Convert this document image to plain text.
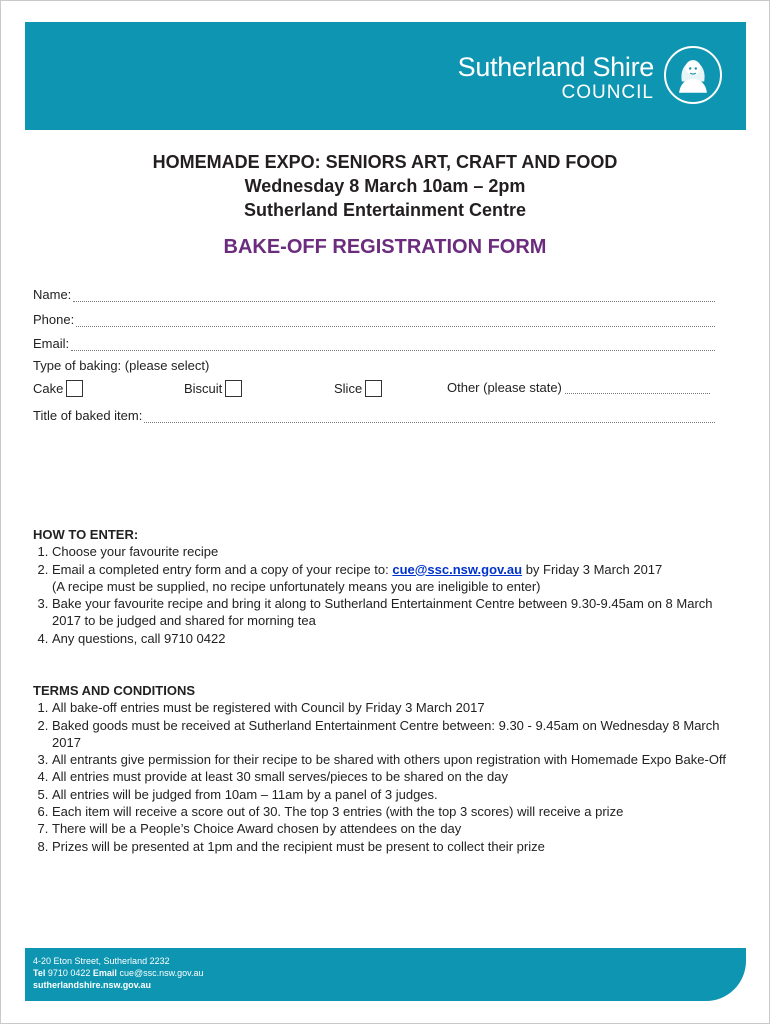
Sutherland Shire
COUNCIL
HOMEMADE EXPO: SENIORS ART, CRAFT AND FOOD
Wednesday 8 March 10am – 2pm
Sutherland Entertainment Centre
BAKE-OFF REGISTRATION FORM
Name:
Phone:
Email:
Type of baking: (please select)
Cake	Biscuit	Slice	Other (please state)
Title of baked item:
HOW TO ENTER:
1. Choose your favourite recipe
2. Email a completed entry form and a copy of your recipe to: cue@ssc.nsw.gov.au by Friday 3 March 2017
(A recipe must be supplied, no recipe unfortunately means you are ineligible to enter)
3. Bake your favourite recipe and bring it along to Sutherland Entertainment Centre between 9.30-9.45am on 8 March 2017 to be judged and shared for morning tea
4. Any questions, call 9710 0422
TERMS AND CONDITIONS
1. All bake-off entries must be registered with Council by Friday 3 March 2017
2. Baked goods must be received at Sutherland Entertainment Centre between: 9.30 - 9.45am on Wednesday 8 March 2017
3. All entrants give permission for their recipe to be shared with others upon registration with Homemade Expo Bake-Off
4. All entries must provide at least 30 small serves/pieces to be shared on the day
5. All entries will be judged from 10am – 11am by a panel of 3 judges.
6. Each item will receive a score out of 30. The top 3 entries (with the top 3 scores) will receive a prize
7. There will be a People’s Choice Award chosen by attendees on the day
8. Prizes will be presented at 1pm and the recipient must be present to collect their prize
4-20 Eton Street, Sutherland 2232
Tel 9710 0422 Email cue@ssc.nsw.gov.au
sutherlandshire.nsw.gov.au
